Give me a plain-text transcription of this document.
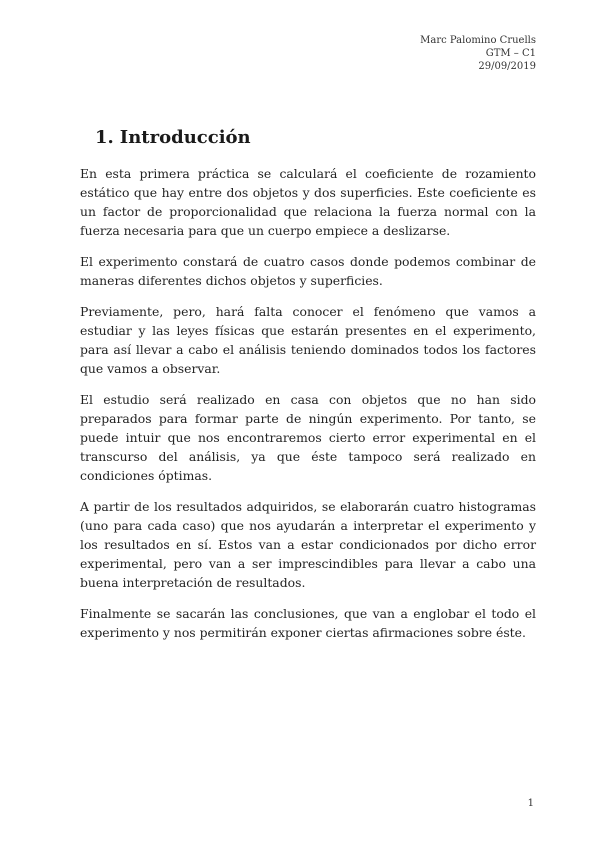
Marc Palomino Cruells
GTM – C1
29/09/2019
1. Introducción

En esta primera práctica se calculará el coeficiente de rozamiento estático que hay entre dos objetos y dos superficies. Este coeficiente es un factor de proporcionalidad que relaciona la fuerza normal con la fuerza necesaria para que un cuerpo empiece a deslizarse.

El experimento constará de cuatro casos donde podemos combinar de maneras diferentes dichos objetos y superficies.

Previamente, pero, hará falta conocer el fenómeno que vamos a estudiar y las leyes físicas que estarán presentes en el experimento, para así llevar a cabo el análisis teniendo dominados todos los factores que vamos a observar.

El estudio será realizado en casa con objetos que no han sido preparados para formar parte de ningún experimento. Por tanto, se puede intuir que nos encontraremos cierto error experimental en el transcurso del análisis, ya que éste tampoco será realizado en condiciones óptimas.

A partir de los resultados adquiridos, se elaborarán cuatro histogramas (uno para cada caso) que nos ayudarán a interpretar el experimento y los resultados en sí. Estos van a estar condicionados por dicho error experimental, pero van a ser imprescindibles para llevar a cabo una buena interpretación de resultados.

Finalmente se sacarán las conclusiones, que van a englobar el todo el experimento y nos permitirán exponer ciertas afirmaciones sobre éste.

1
